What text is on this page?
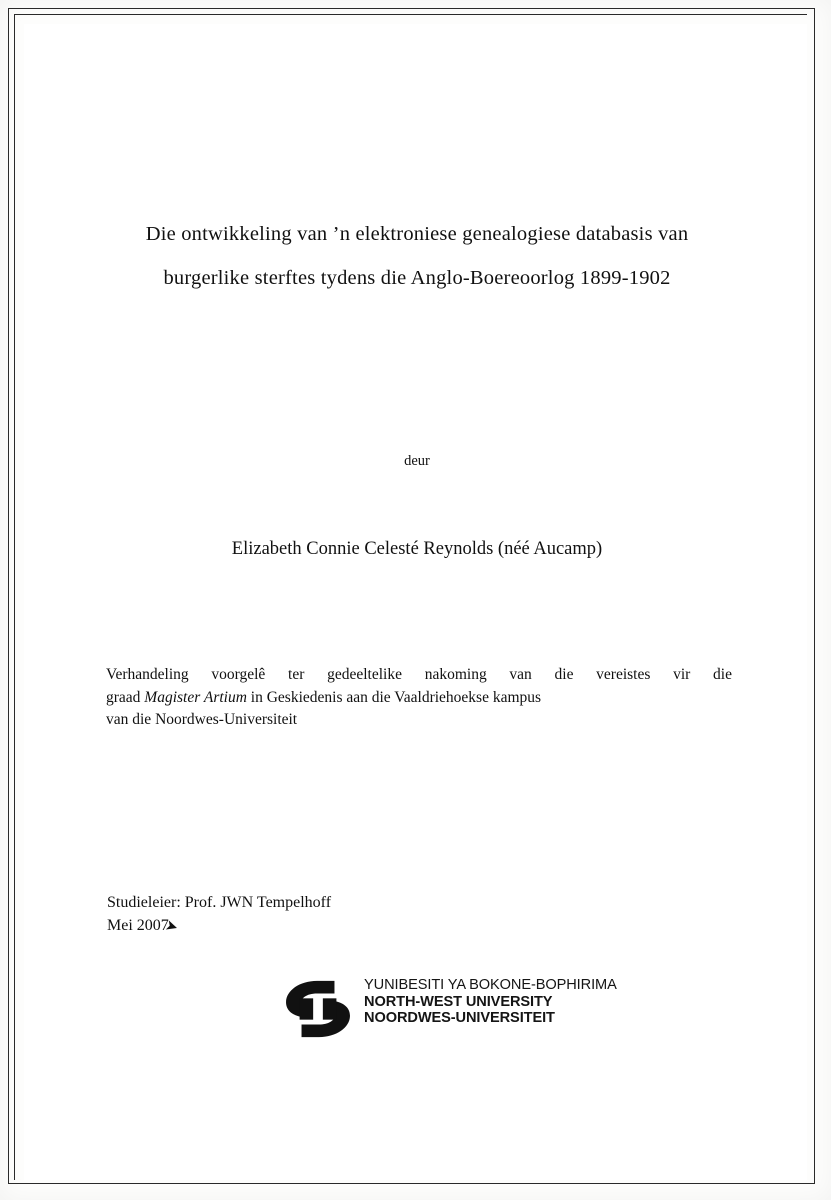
Die ontwikkeling van ’n elektroniese genealogiese databasis van
burgerlike sterftes tydens die Anglo-Boereoorlog 1899-1902
deur
Elizabeth Connie Celesté Reynolds (néé Aucamp)
Verhandeling voorgelê ter gedeeltelike nakoming van die vereistes vir die
graad Magister Artium in Geskiedenis aan die Vaaldriehoekse kampus
van die Noordwes-Universiteit
Studieleier: Prof. JWN Tempelhoff
Mei 2007
➤
YUNIBESITI YA BOKONE-BOPHIRIMA
NORTH-WEST UNIVERSITY
NOORDWES-UNIVERSITEIT
